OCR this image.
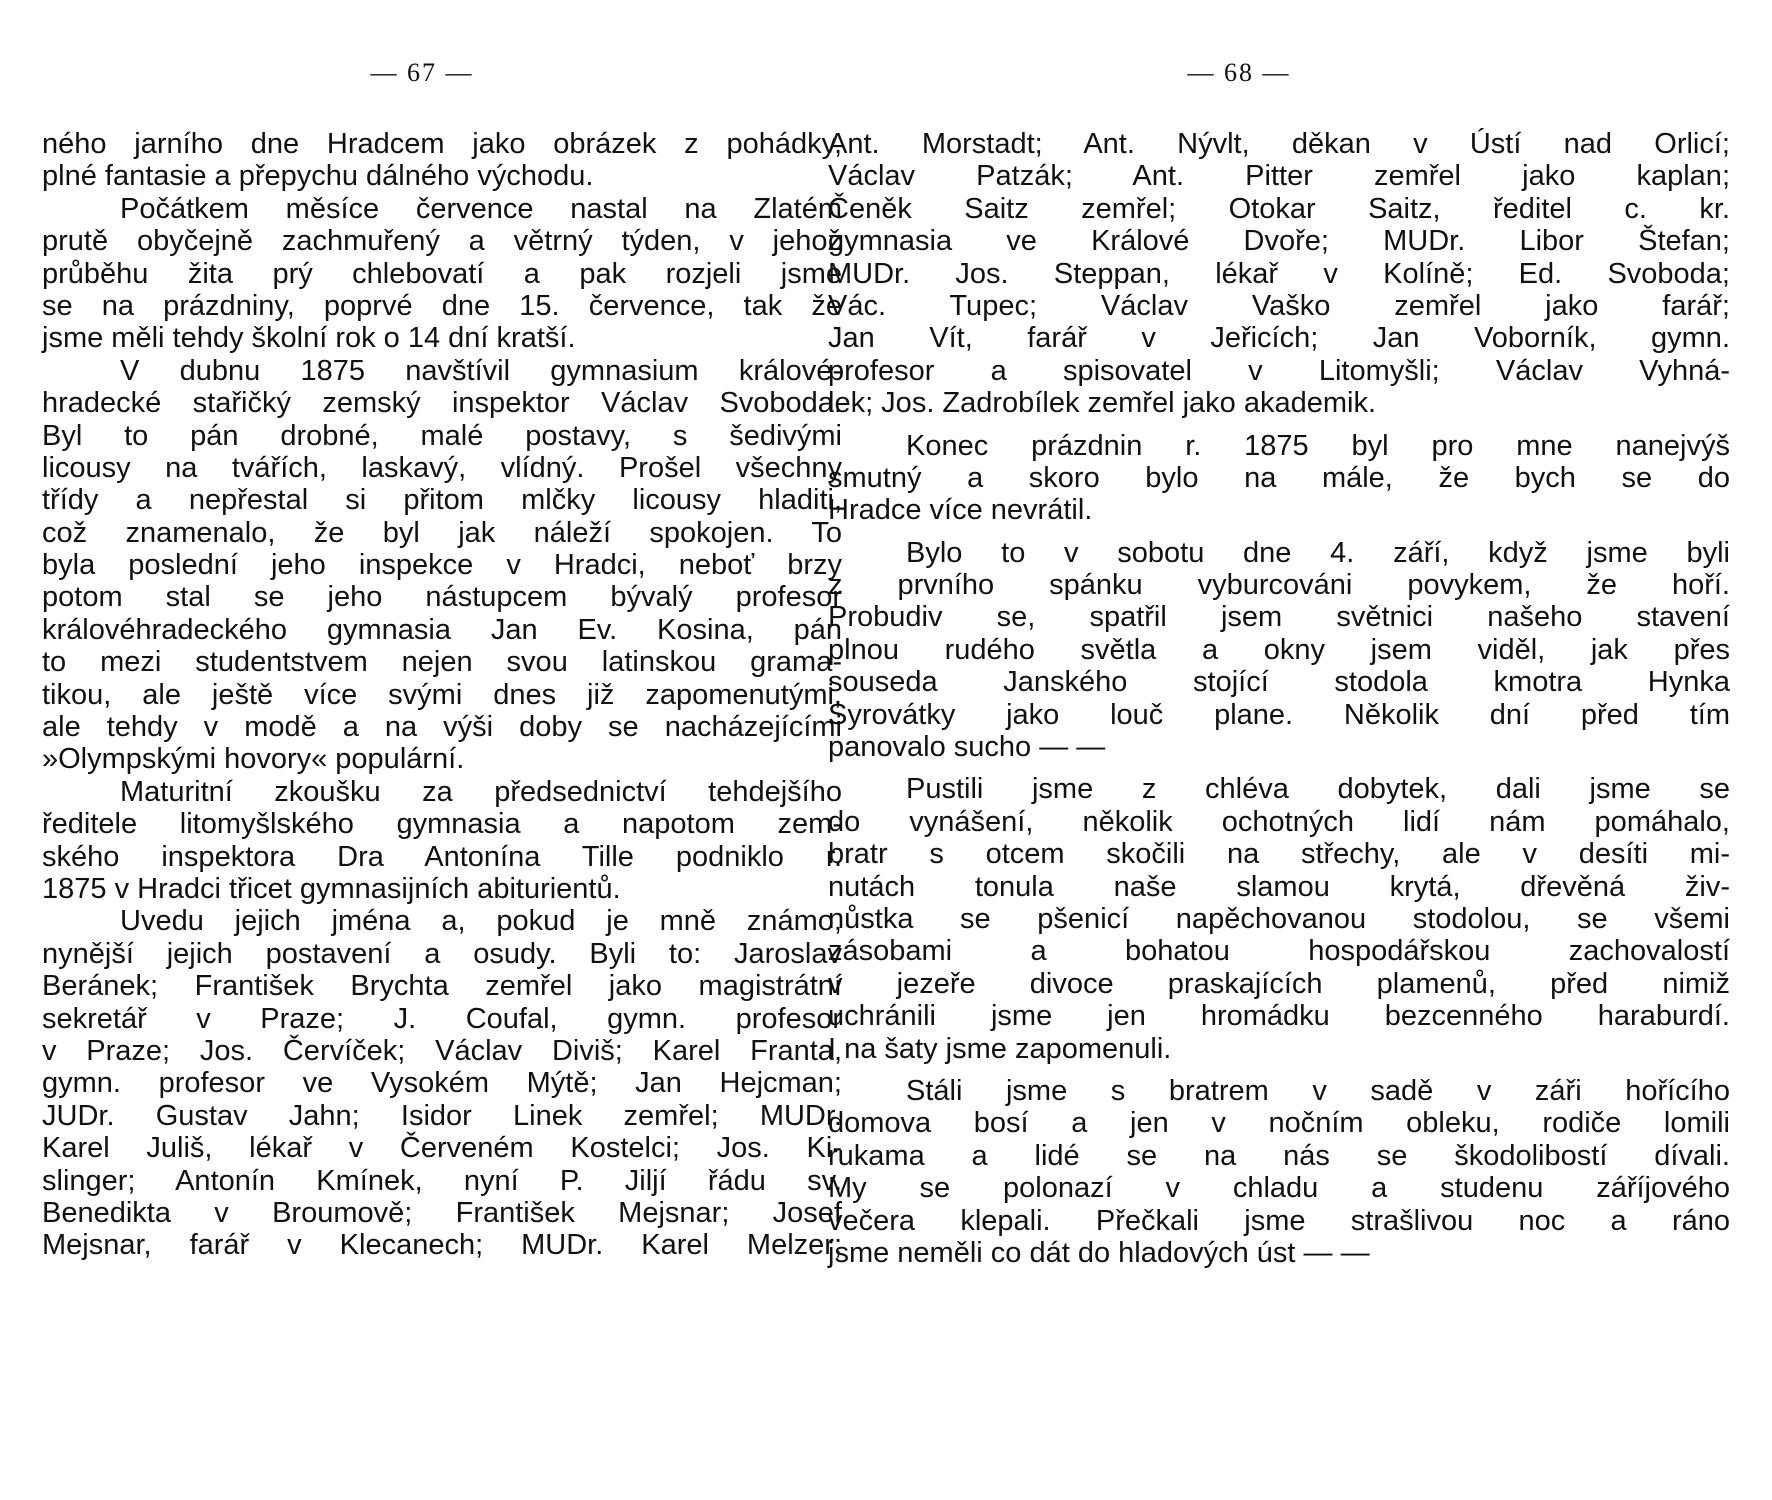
— 67 —
ného jarního dne Hradcem jako obrázek z pohádky,
plné fantasie a přepychu dálného východu.
Počátkem měsíce července nastal na Zlatém
prutě obyčejně zachmuřený a větrný týden, v jehož
průběhu žita prý chlebovatí a pak rozjeli jsme
se na prázdniny, poprvé dne 15. července, tak že
jsme měli tehdy školní rok o 14 dní kratší.
V dubnu 1875 navštívil gymnasium králové-
hradecké stařičký zemský inspektor Václav Svoboda.
Byl to pán drobné, malé postavy, s šedivými
licousy na tvářích, laskavý, vlídný. Prošel všechny
třídy a nepřestal si přitom mlčky licousy hladiti,
což znamenalo, že byl jak náleží spokojen. To
byla poslední jeho inspekce v Hradci, neboť brzy
potom stal se jeho nástupcem bývalý profesor
královéhradeckého gymnasia Jan Ev. Kosina, pán
to mezi studentstvem nejen svou latinskou grama-
tikou, ale ještě více svými dnes již zapomenutými,
ale tehdy v modě a na výši doby se nacházejícími
»Olympskými hovory« populární.
Maturitní zkoušku za předsednictví tehdejšího
ředitele litomyšlského gymnasia a napotom zem-
ského inspektora Dra Antonína Tille podniklo r.
1875 v Hradci třicet gymnasijních abiturientů.
Uvedu jejich jména a, pokud je mně známo,
nynější jejich postavení a osudy. Byli to: Jaroslav
Beránek; František Brychta zemřel jako magistrátní
sekretář v Praze; J. Coufal, gymn. profesor
v Praze; Jos. Červíček; Václav Diviš; Karel Franta,
gymn. profesor ve Vysokém Mýtě; Jan Hejcman;
JUDr. Gustav Jahn; Isidor Linek zemřel; MUDr.
Karel Juliš, lékař v Červeném Kostelci; Jos. Ki-
slinger; Antonín Kmínek, nyní P. Jiljí řádu sv.
Benedikta v Broumově; František Mejsnar; Josef
Mejsnar, farář v Klecanech; MUDr. Karel Melzer;
— 68 —
Ant. Morstadt; Ant. Nývlt, děkan v Ústí nad Orlicí;
Václav Patzák; Ant. Pitter zemřel jako kaplan;
Čeněk Saitz zemřel; Otokar Saitz, ředitel c. kr.
gymnasia ve Králové Dvoře; MUDr. Libor Štefan;
MUDr. Jos. Steppan, lékař v Kolíně; Ed. Svoboda;
Vác. Tupec; Václav Vaško zemřel jako farář;
Jan Vít, farář v Jeřicích; Jan Voborník, gymn.
profesor a spisovatel v Litomyšli; Václav Vyhná-
lek; Jos. Zadrobílek zemřel jako akademik.
Konec prázdnin r. 1875 byl pro mne nanejvýš
smutný a skoro bylo na mále, že bych se do
Hradce více nevrátil.
Bylo to v sobotu dne 4. září, když jsme byli
z prvního spánku vyburcováni povykem, že hoří.
Probudiv se, spatřil jsem světnici našeho stavení
plnou rudého světla a okny jsem viděl, jak přes
souseda Janského stojící stodola kmotra Hynka
Syrovátky jako louč plane. Několik dní před tím
panovalo sucho — —
Pustili jsme z chléva dobytek, dali jsme se
do vynášení, několik ochotných lidí nám pomáhalo,
bratr s otcem skočili na střechy, ale v desíti mi-
nutách tonula naše slamou krytá, dřevěná živ-
nůstka se pšenicí napěchovanou stodolou, se všemi
zásobami a bohatou hospodářskou zachovalostí
v jezeře divoce praskajících plamenů, před nimiž
uchránili jsme jen hromádku bezcenného haraburdí.
I na šaty jsme zapomenuli.
Stáli jsme s bratrem v sadě v záři hořícího
domova bosí a jen v nočním obleku, rodiče lomili
rukama a lidé se na nás se škodolibostí dívali.
My se polonazí v chladu a studenu záříjového
večera klepali. Přečkali jsme strašlivou noc a ráno
jsme neměli co dát do hladových úst — —
